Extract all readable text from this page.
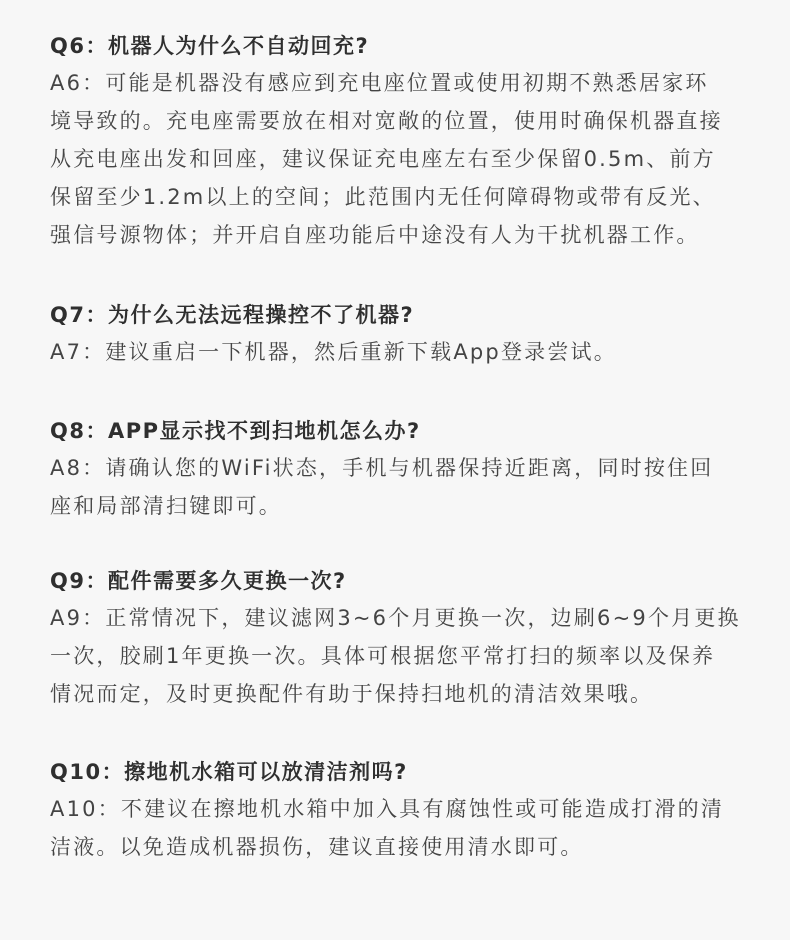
Q6：机器人为什么不自动回充?

A6：可能是机器没有感应到充电座位置或使用初期不熟悉居家环
境导致的。充电座需要放在相对宽敞的位置，使用时确保机器直接
从充电座出发和回座，建议保证充电座左右至少保留0.5m、前方
保留至少1.2m以上的空间；此范围内无任何障碍物或带有反光、
强信号源物体；并开启自座功能后中途没有人为干扰机器工作。

Q7：为什么无法远程操控不了机器?

A7：建议重启一下机器，然后重新下载App登录尝试。

Q8：APP显示找不到扫地机怎么办?

A8：请确认您的WiFi状态，手机与机器保持近距离，同时按住回
座和局部清扫键即可。

Q9：配件需要多久更换一次?

A9：正常情况下，建议滤网3~6个月更换一次，边刷6~9个月更换
一次，胶刷1年更换一次。具体可根据您平常打扫的频率以及保养
情况而定，及时更换配件有助于保持扫地机的清洁效果哦。

Q10：擦地机水箱可以放清洁剂吗?

A10：不建议在擦地机水箱中加入具有腐蚀性或可能造成打滑的清
洁液。以免造成机器损伤，建议直接使用清水即可。
